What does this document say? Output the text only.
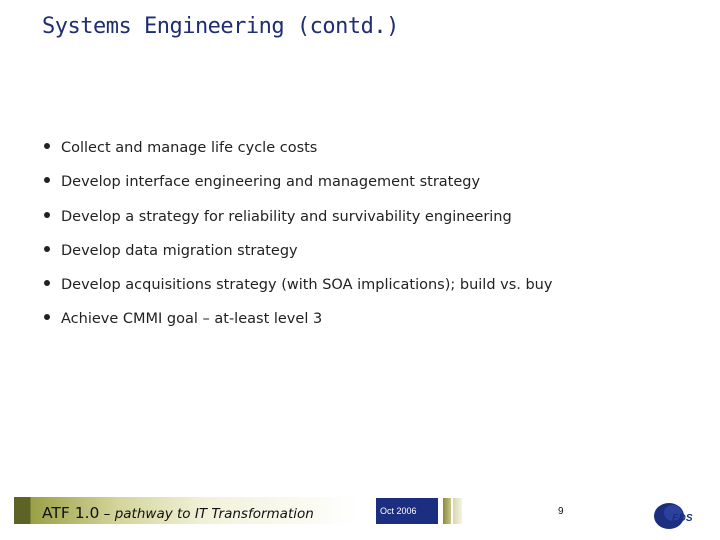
Systems Engineering (contd.)
Collect and manage life cycle costs
Develop interface engineering and management strategy
Develop a strategy for reliability and survivability engineering
Develop data migration strategy
Develop acquisitions strategy (with SOA implications); build vs. buy
Achieve CMMI goal – at-least level 3
ATF 1.0 – pathway to IT Transformation	Oct 2006	9
EDS
